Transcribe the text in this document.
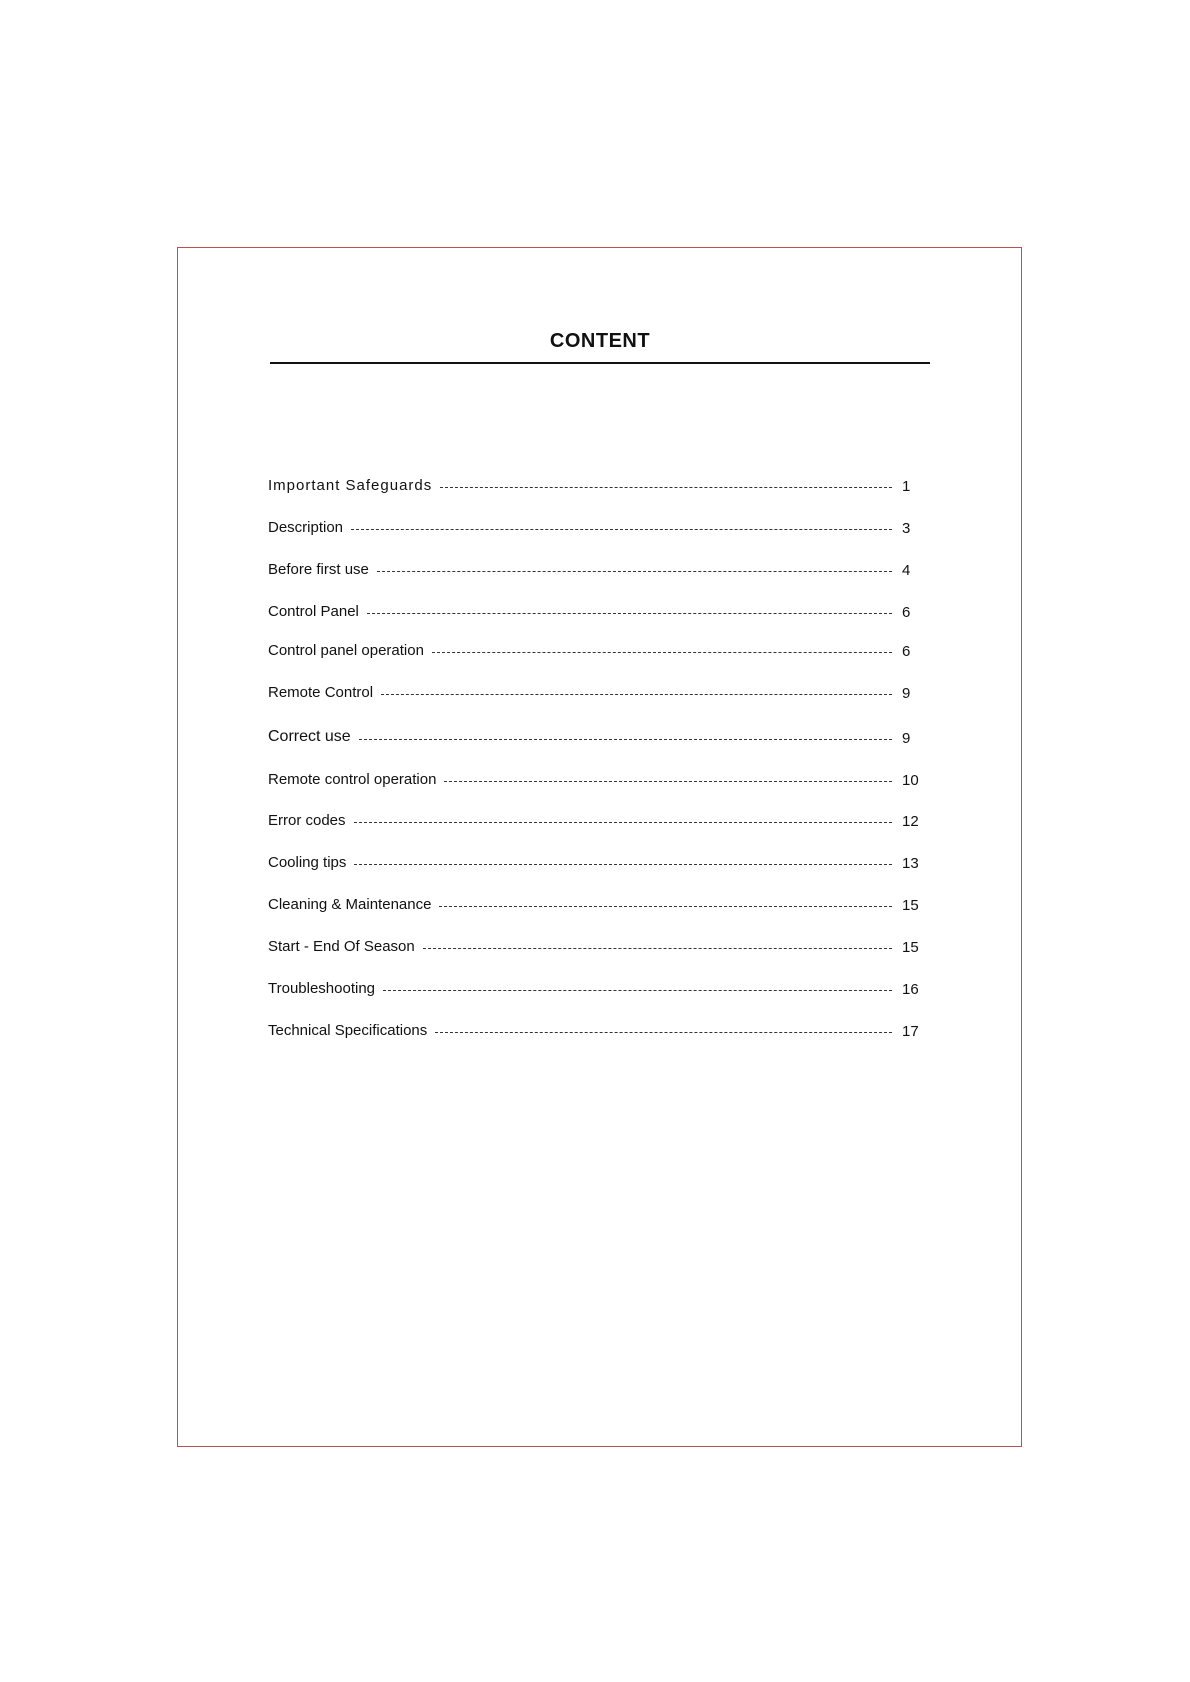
CONTENT
Important Safeguards	1
Description	3
Before first use	4
Control Panel	6
Control panel operation	6
Remote Control	9
Correct use	9
Remote control operation	10
Error codes	12
Cooling tips	13
Cleaning & Maintenance	15
Start - End Of Season	15
Troubleshooting	16
Technical Specifications	17
